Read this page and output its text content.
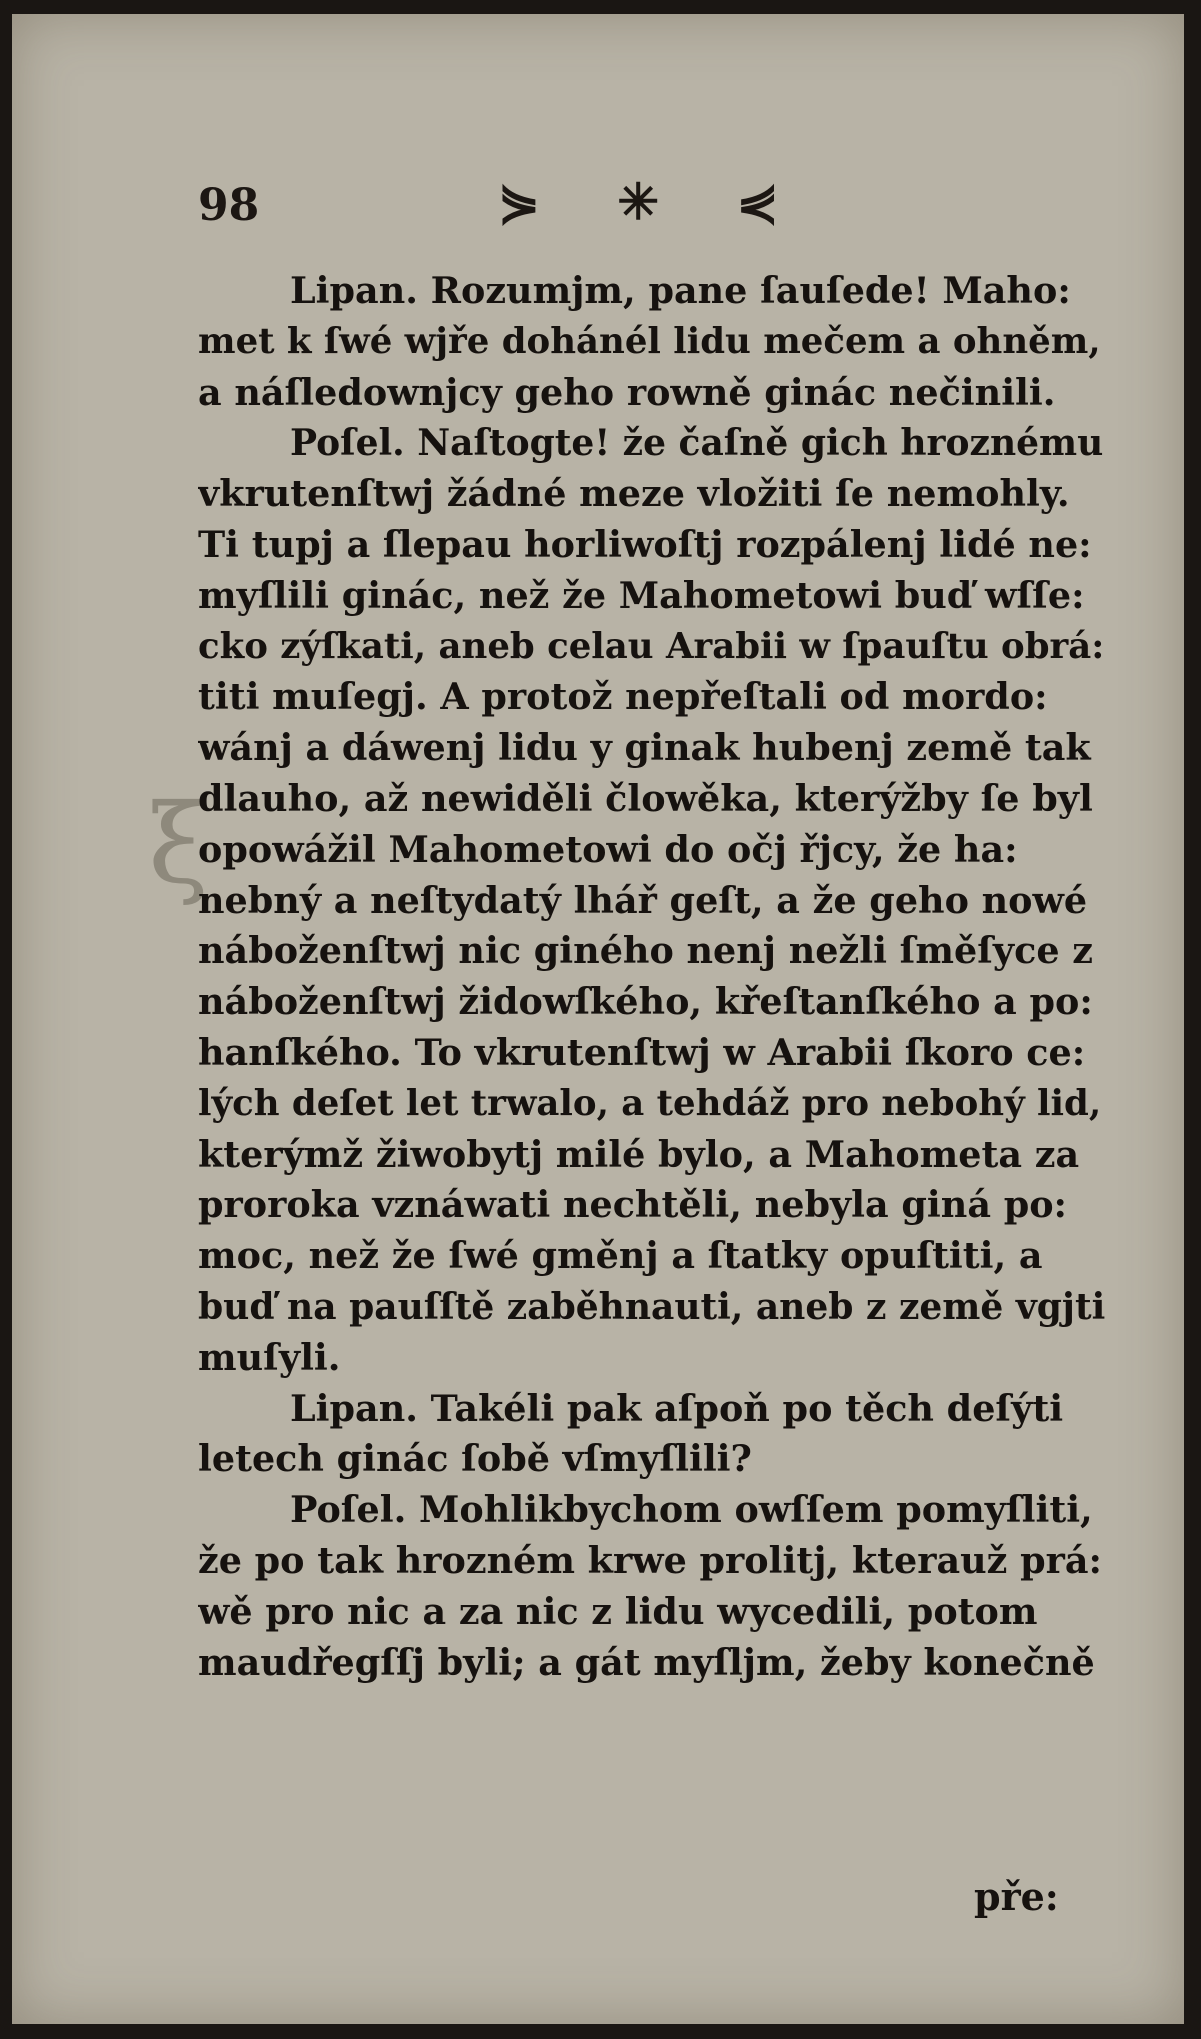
98	⋟ ✳ ⋞
ξ
Lipan. Rozumjm, pane ſauſede! Maho:
met k ſwé wjře dohánél lidu mečem a ohněm,
a náſledownjcy geho rowně ginác nečinili.
Poſel. Naſtogte! že čaſně gich hroznému
vkrutenſtwj žádné meze vložiti ſe nemohly.
Ti tupj a ſlepau horliwoſtj rozpálenj lidé ne:
myſlili ginác, než že Mahometowi buď wſſe:
cko zýſkati, aneb celau Arabii w ſpauſtu obrá:
titi muſegj. A protož nepřeſtali od mordo:
wánj a dáwenj lidu y ginak hubenj země tak
dlauho, až newiděli člowěka, kterýžby ſe byl
opowážil Mahometowi do očj řjcy, že ha:
nebný a neſtydatý lhář geſt, a že geho nowé
náboženſtwj nic giného nenj nežli ſměſyce z
náboženſtwj židowſkého, křeſtanſkého a po:
hanſkého. To vkrutenſtwj w Arabii ſkoro ce:
lých deſet let trwalo, a tehdáž pro nebohý lid,
kterýmž žiwobytj milé bylo, a Mahometa za
proroka vznáwati nechtěli, nebyla giná po:
moc, než že ſwé gměnj a ſtatky opuſtiti, a
buď na pauſſtě zaběhnauti, aneb z země vgjti
muſyli.
Lipan. Takéli pak aſpoň po těch deſýti
letech ginác ſobě vſmyſlili?
Poſel. Mohlikbychom owſſem pomyſliti,
že po tak hrozném krwe prolitj, kterauž prá:
wě pro nic a za nic z lidu wycedili, potom
maudřegſſj byli; a gát myſljm, žeby konečně
pře:
